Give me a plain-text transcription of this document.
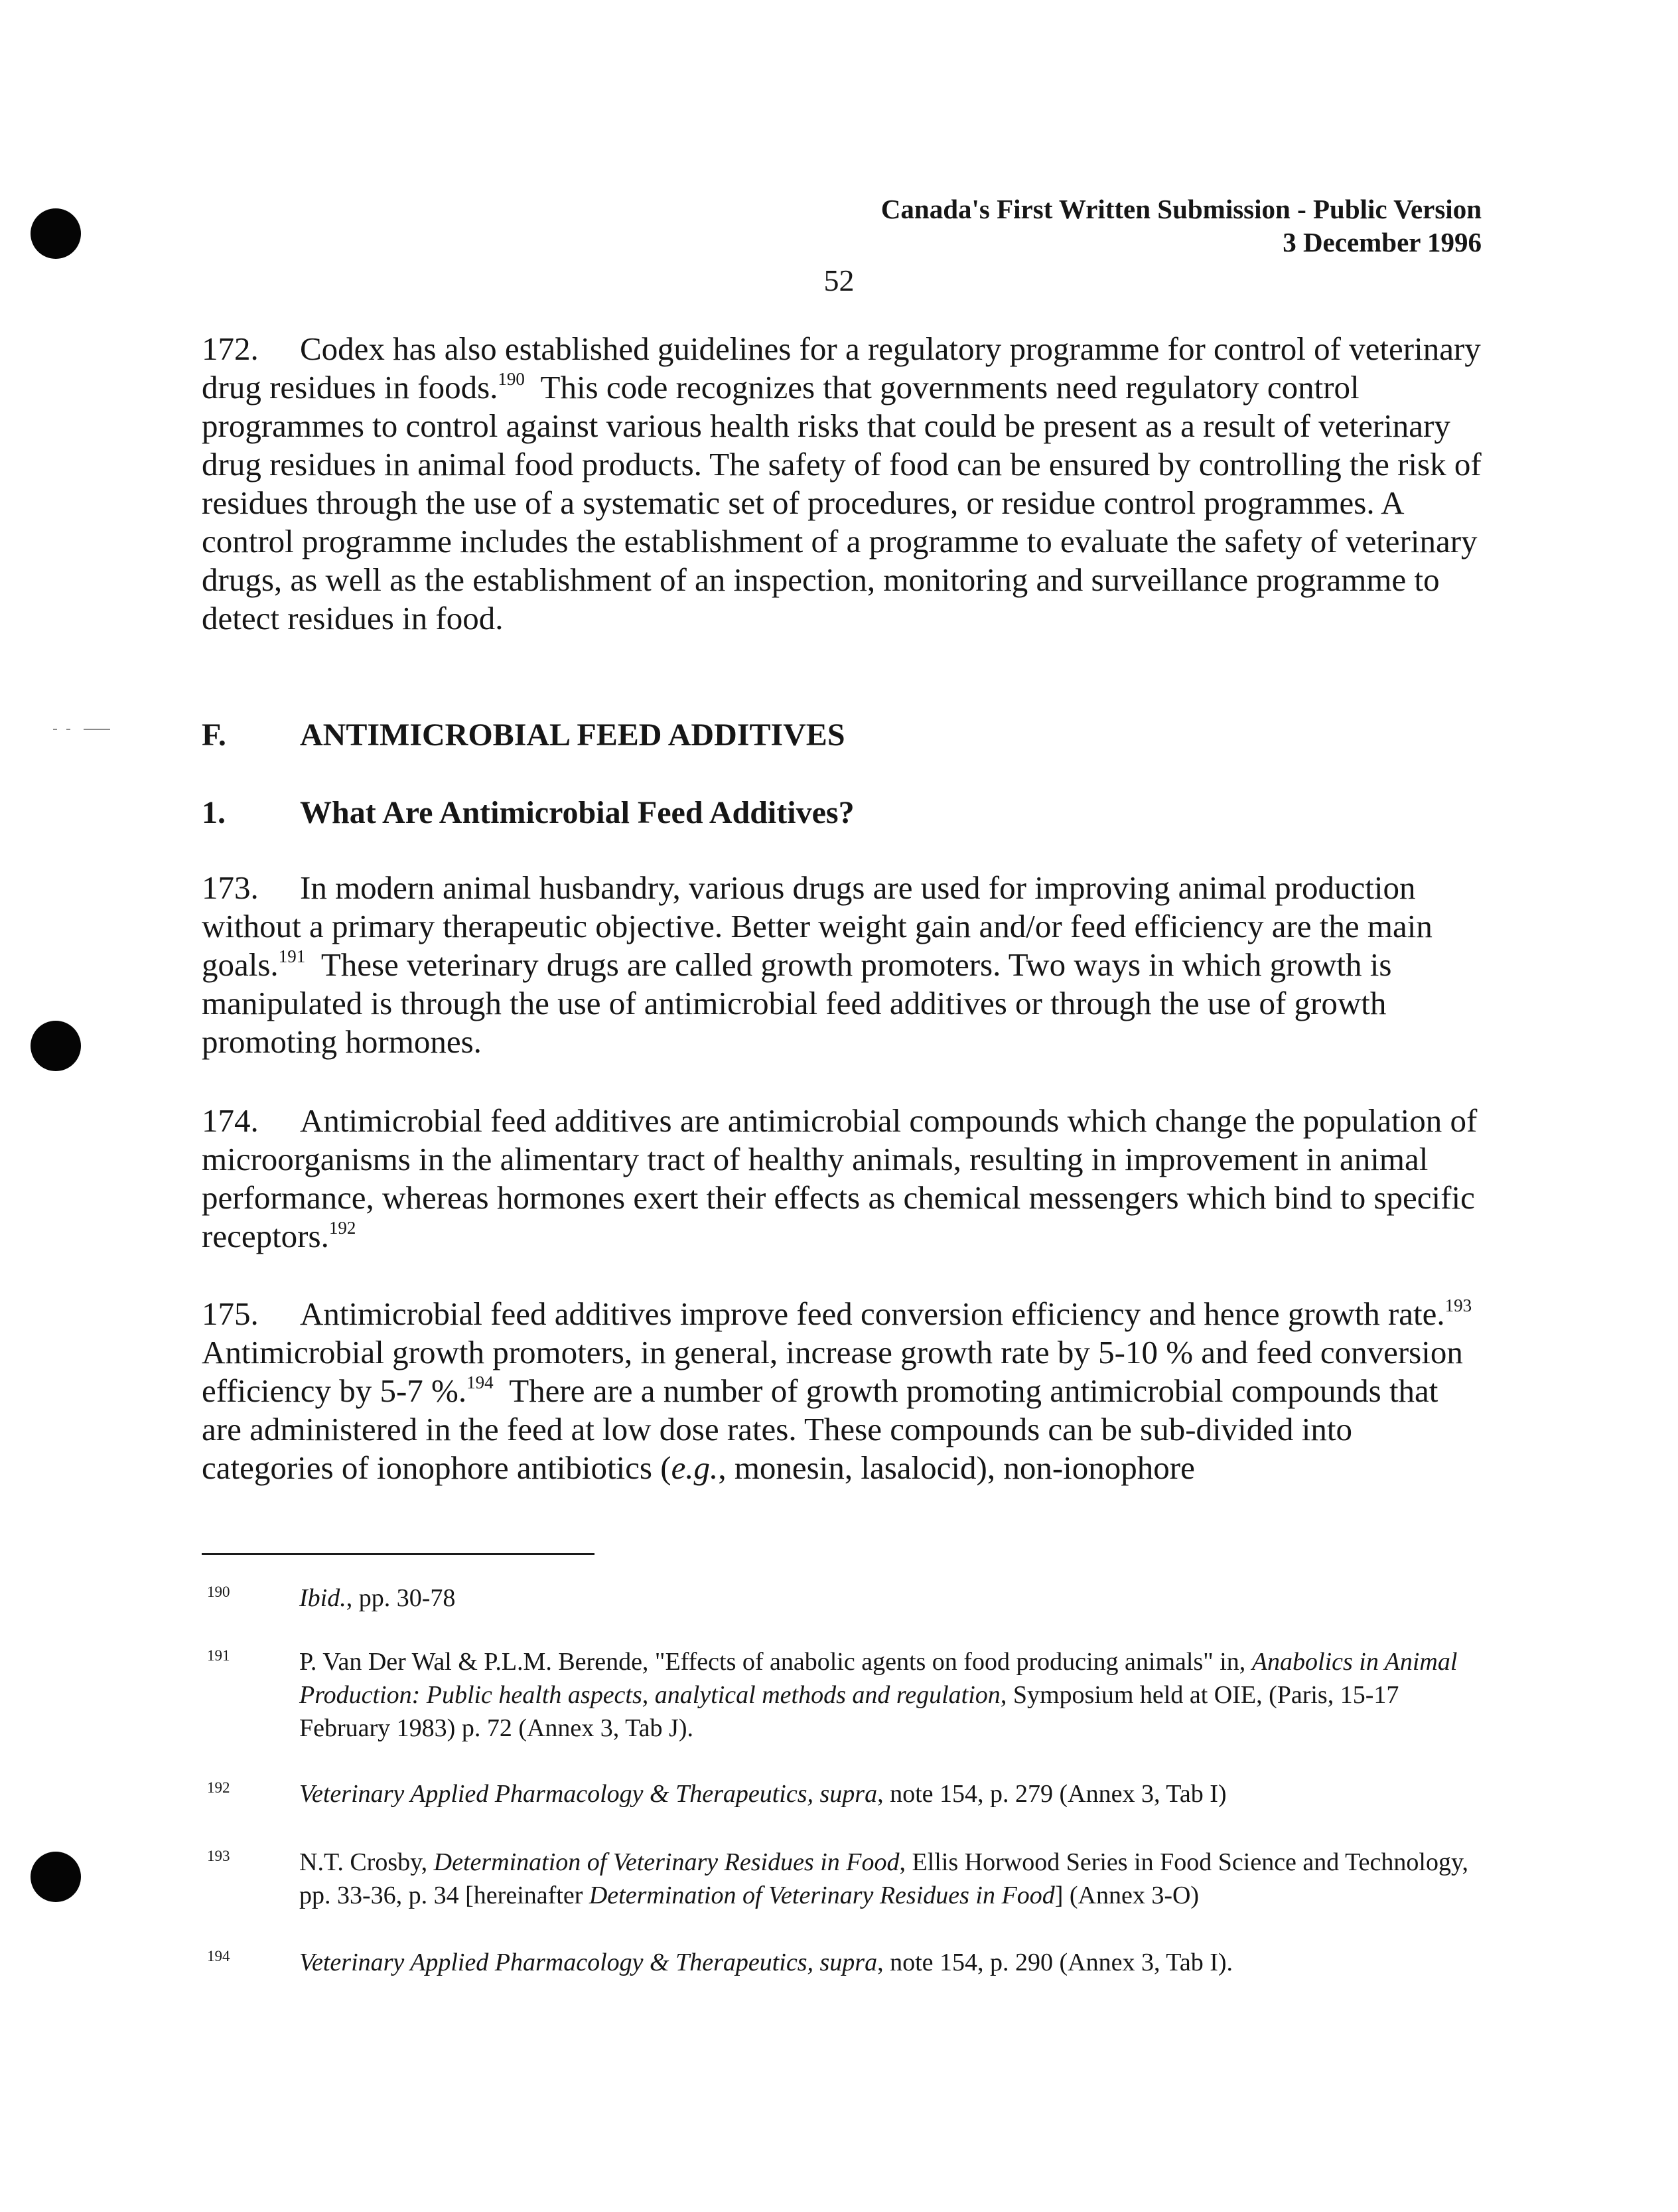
Canada's First Written Submission - Public Version
3 December 1996
52
172. Codex has also established guidelines for a regulatory programme for control of veterinary drug residues in foods.$^{190}$ This code recognizes that governments need regulatory control programmes to control against various health risks that could be present as a result of veterinary drug residues in animal food products. The safety of food can be ensured by controlling the risk of residues through the use of a systematic set of procedures, or residue control programmes. A control programme includes the establishment of a programme to evaluate the safety of veterinary drugs, as well as the establishment of an inspection, monitoring and surveillance programme to detect residues in food.
F. ANTIMICROBIAL FEED ADDITIVES
1. What Are Antimicrobial Feed Additives?
173. In modern animal husbandry, various drugs are used for improving animal production without a primary therapeutic objective. Better weight gain and/or feed efficiency are the main goals.$^{191}$ These veterinary drugs are called growth promoters. Two ways in which growth is manipulated is through the use of antimicrobial feed additives or through the use of growth promoting hormones.
174. Antimicrobial feed additives are antimicrobial compounds which change the population of microorganisms in the alimentary tract of healthy animals, resulting in improvement in animal performance, whereas hormones exert their effects as chemical messengers which bind to specific receptors.$^{192}$
175. Antimicrobial feed additives improve feed conversion efficiency and hence growth rate.$^{193}$  Antimicrobial growth promoters, in general, increase growth rate by 5-10 % and feed conversion efficiency by 5-7 %.$^{194}$ There are a number of growth promoting antimicrobial compounds that are administered in the feed at low dose rates. These compounds can be sub-divided into categories of ionophore antibiotics (e.g., monesin, lasalocid), non-ionophore
190	Ibid., pp. 30-78
191	P. Van Der Wal & P.L.M. Berende, "Effects of anabolic agents on food producing animals" in, Anabolics in Animal Production: Public health aspects, analytical methods and regulation, Symposium held at OIE, (Paris, 15-17 February 1983) p. 72 (Annex 3, Tab J).
192	Veterinary Applied Pharmacology & Therapeutics, supra, note 154, p. 279 (Annex 3, Tab I)
193	N.T. Crosby, Determination of Veterinary Residues in Food, Ellis Horwood Series in Food Science and Technology, pp. 33-36, p. 34 [hereinafter Determination of Veterinary Residues in Food] (Annex 3-O)
194	Veterinary Applied Pharmacology & Therapeutics, supra, note 154, p. 290 (Annex 3, Tab I).
